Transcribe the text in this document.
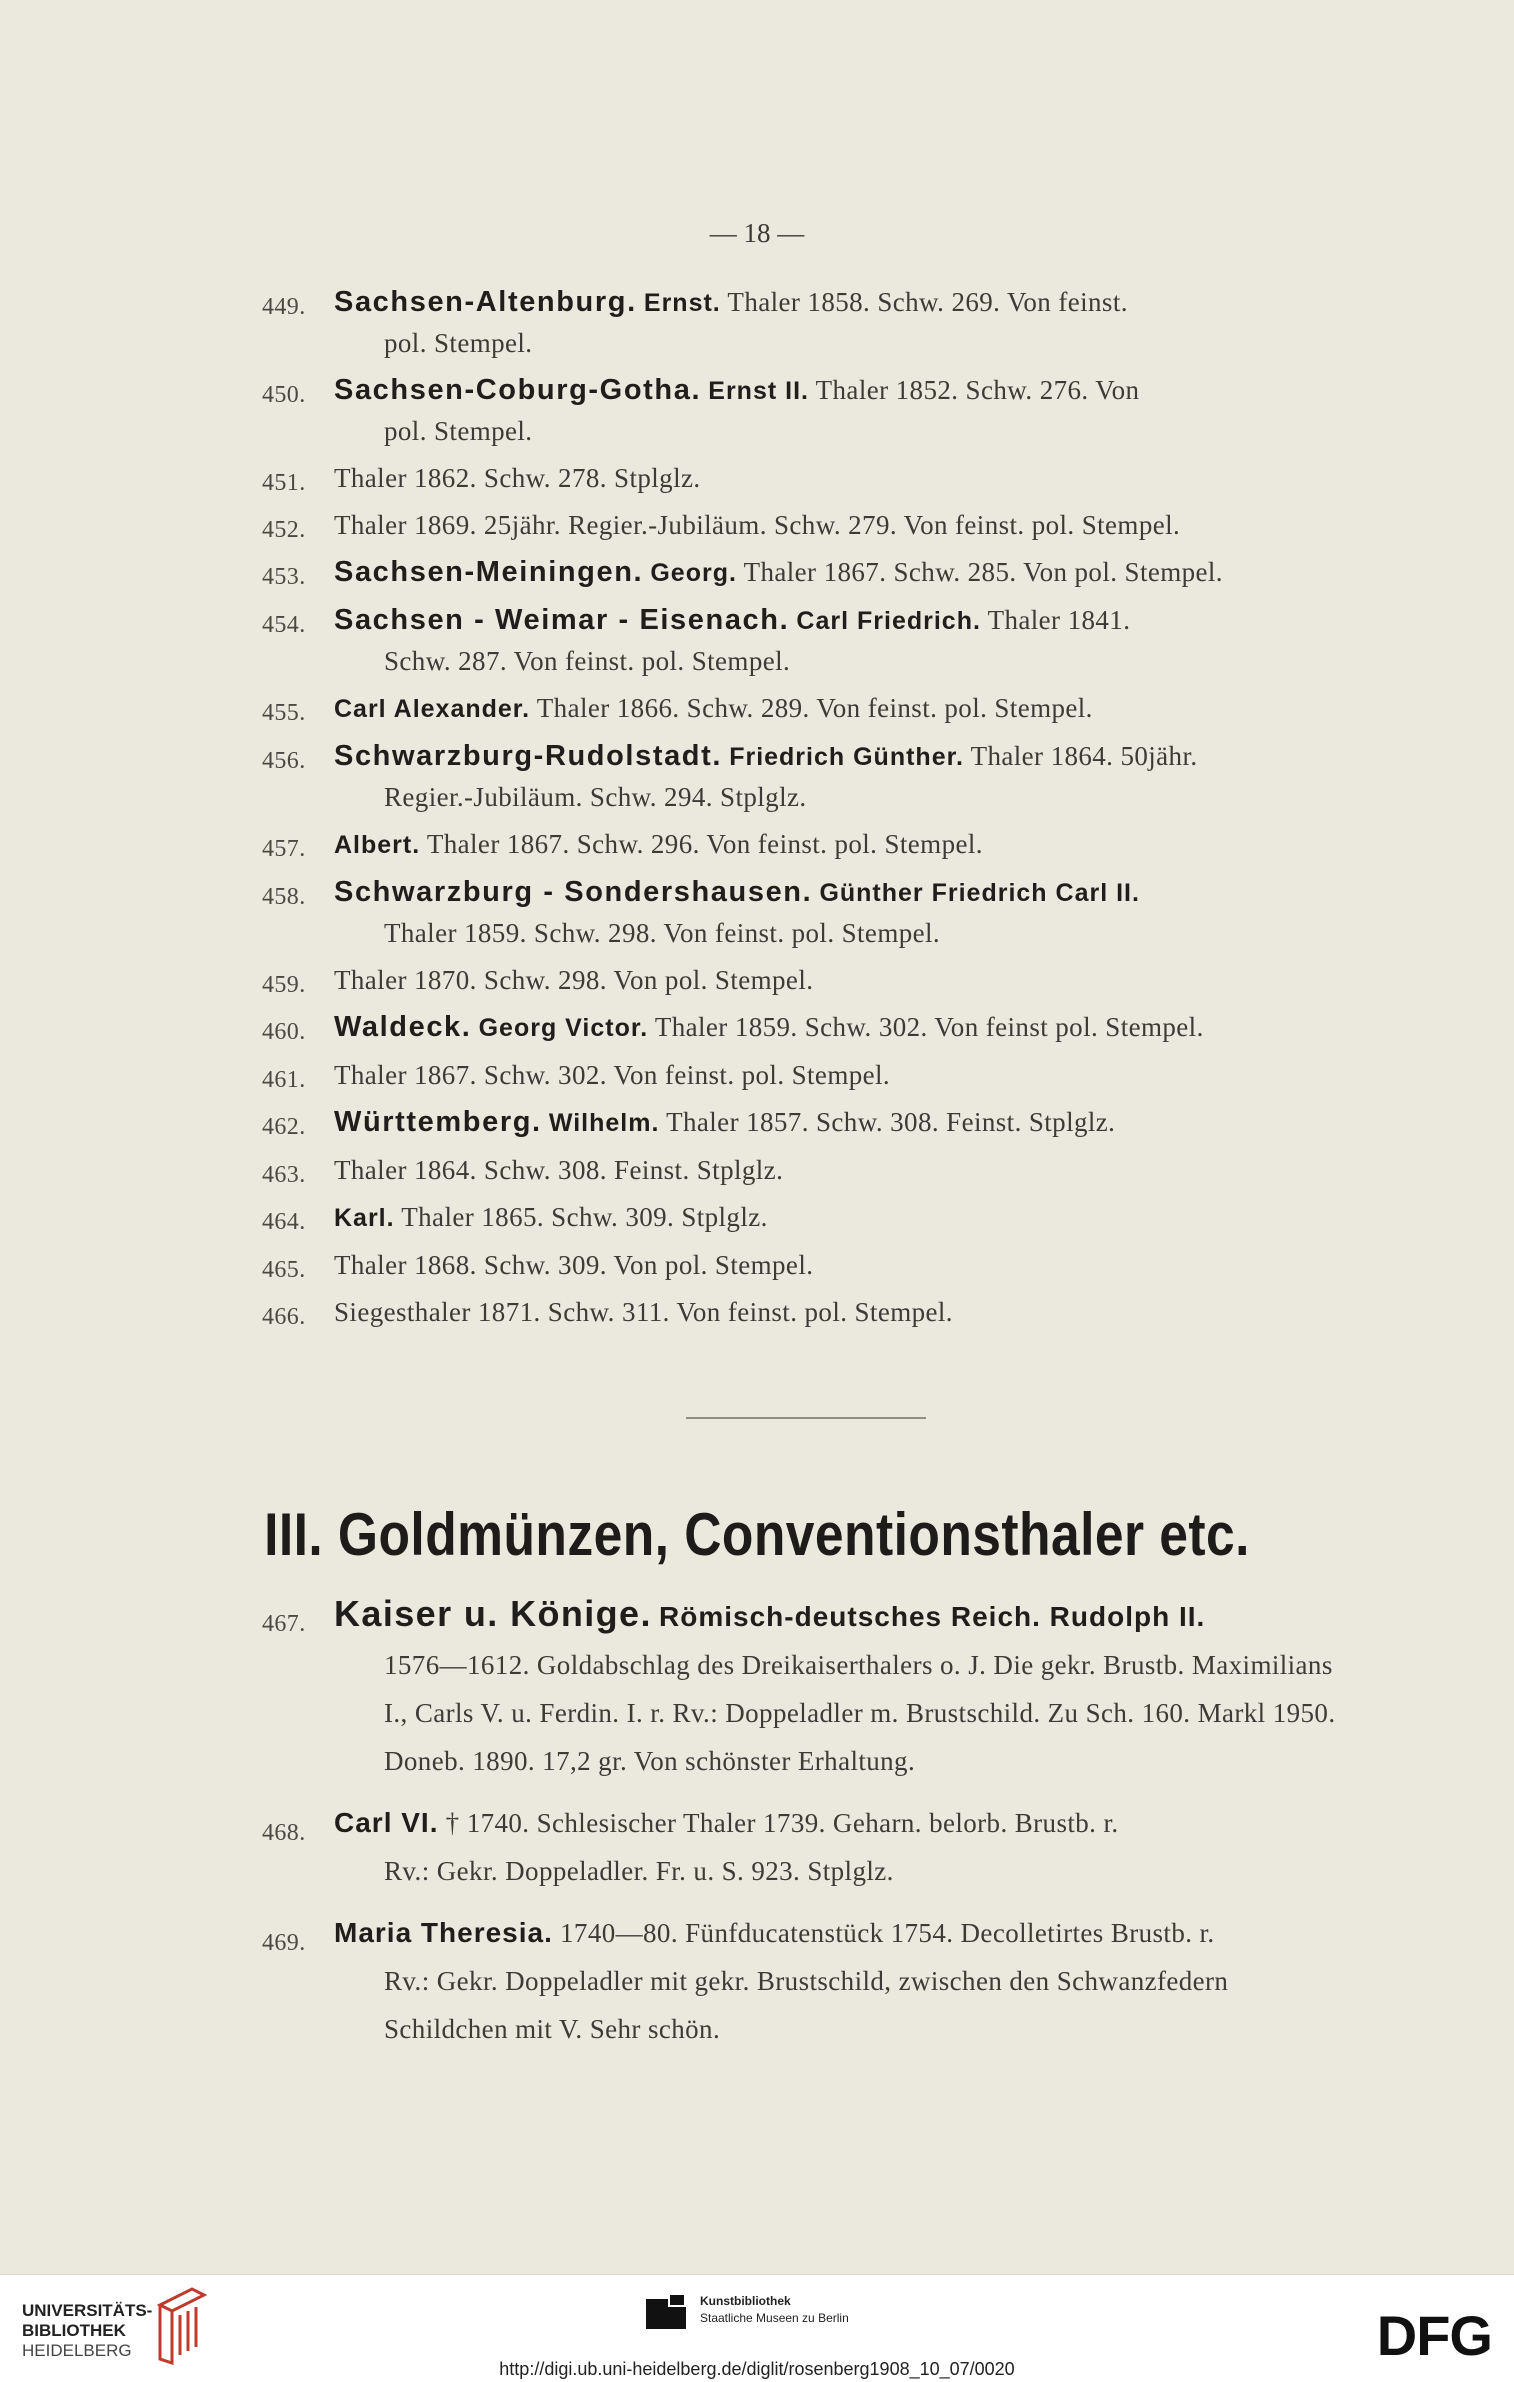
— 18 —
449. Sachsen-Altenburg. Ernst. Thaler 1858. Schw. 269. Von feinst.
pol. Stempel.
450. Sachsen-Coburg-Gotha. Ernst II. Thaler 1852. Schw. 276. Von
pol. Stempel.
451.	Thaler 1862. Schw. 278. Stplglz.
452.	Thaler 1869. 25jähr. Regier.-Jubiläum. Schw. 279. Von feinst. pol. Stempel.
453. Sachsen-Meiningen. Georg. Thaler 1867. Schw. 285. Von pol. Stempel.
454. Sachsen - Weimar - Eisenach. Carl Friedrich. Thaler 1841.
Schw. 287. Von feinst. pol. Stempel.
455.	Carl Alexander. Thaler 1866. Schw. 289. Von feinst. pol. Stempel.
456. Schwarzburg-Rudolstadt. Friedrich Günther. Thaler 1864. 50jähr.
Regier.-Jubiläum. Schw. 294. Stplglz.
457.	Albert. Thaler 1867. Schw. 296. Von feinst. pol. Stempel.
458. Schwarzburg - Sondershausen. Günther Friedrich Carl II.
Thaler 1859. Schw. 298. Von feinst. pol. Stempel.
459.	Thaler 1870. Schw. 298. Von pol. Stempel.
460. Waldeck. Georg Victor. Thaler 1859. Schw. 302. Von feinst pol. Stempel.
461.	Thaler 1867. Schw. 302. Von feinst. pol. Stempel.
462. Württemberg. Wilhelm. Thaler 1857. Schw. 308. Feinst. Stplglz.
463.	Thaler 1864. Schw. 308. Feinst. Stplglz.
464.	Karl. Thaler 1865. Schw. 309. Stplglz.
465.	Thaler 1868. Schw. 309. Von pol. Stempel.
466.	Siegesthaler 1871. Schw. 311. Von feinst. pol. Stempel.
III. Goldmünzen, Conventionsthaler etc.
467. Kaiser u. Könige. Römisch-deutsches Reich. Rudolph II.
1576—1612. Goldabschlag des Dreikaiserthalers o. J. Die gekr. Brustb. Maximilians I., Carls V. u. Ferdin. I. r. Rv.: Doppeladler m. Brustschild. Zu Sch. 160. Markl 1950. Doneb. 1890. 17,2 gr. Von schönster Erhaltung.
468.	Carl VI. † 1740. Schlesischer Thaler 1739. Geharn. belorb. Brustb. r.
Rv.: Gekr. Doppeladler. Fr. u. S. 923. Stplglz.
469.	Maria Theresia. 1740—80. Fünfducatenstück 1754. Decolletirtes Brustb. r.
Rv.: Gekr. Doppeladler mit gekr. Brustschild, zwischen den Schwanzfedern Schildchen mit V. Sehr schön.
UNIVERSITÄTS-
BIBLIOTHEK
HEIDELBERG
Kunstbibliothek
Staatliche Museen zu Berlin	DFG
http://digi.ub.uni-heidelberg.de/diglit/rosenberg1908_10_07/0020
